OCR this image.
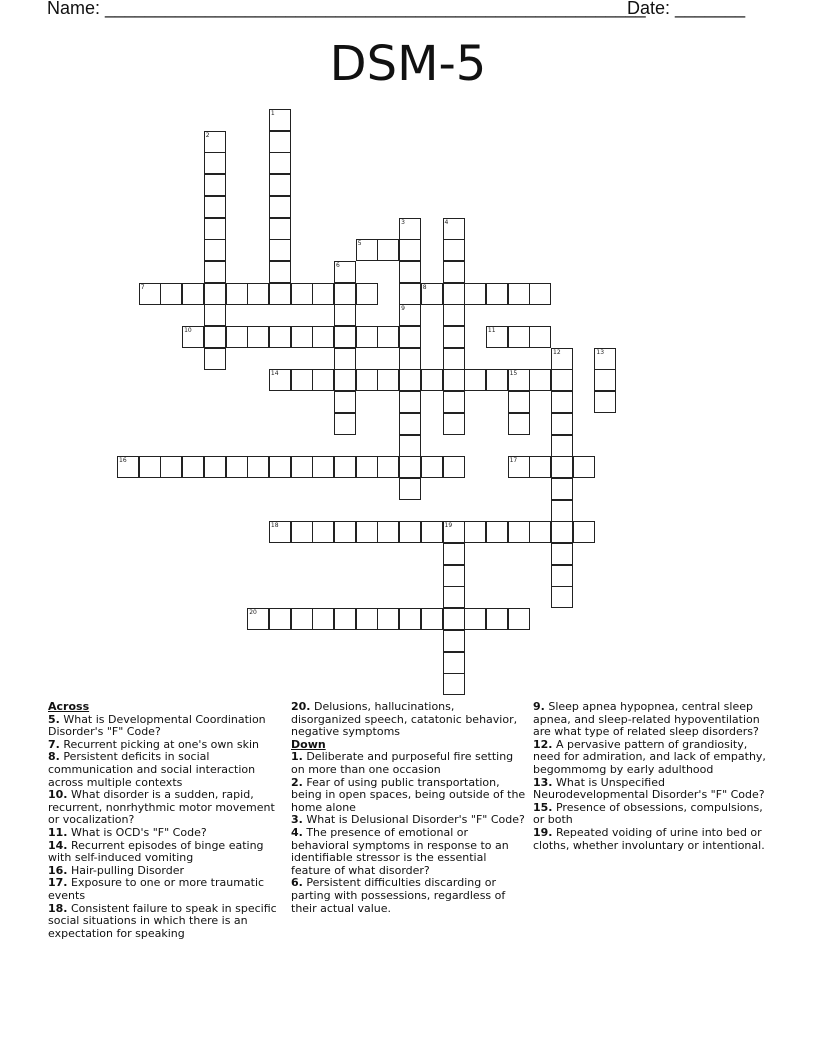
Name: ______________________________________________________
Date: _______
DSM-5
1
2
3	4
5
6
7	8
9
10	11
12	13
14	15
16	17
18	19
20

Across

5. What is Developmental Coordination Disorder's "F" Code?

7. Recurrent picking at one's own skin

8. Persistent deficits in social communication and social interaction across multiple contexts

10. What disorder is a sudden, rapid, recurrent, nonrhythmic motor movement or vocalization?

11. What is OCD's "F" Code?

14. Recurrent episodes of binge eating with self-induced vomiting

16. Hair-pulling Disorder

17. Exposure to one or more traumatic events

18. Consistent failure to speak in specific social situations in which there is an expectation for speaking

20. Delusions, hallucinations, disorganized speech, catatonic behavior, negative symptoms

Down

1. Deliberate and purposeful fire setting on more than one occasion

2. Fear of using public transportation, being in open spaces, being outside of the home alone

3. What is Delusional Disorder's "F" Code?

4. The presence of emotional or behavioral symptoms in response to an identifiable stressor is the essential feature of what disorder?

6. Persistent difficulties discarding or parting with possessions, regardless of their actual value.

9. Sleep apnea hypopnea, central sleep apnea, and sleep-related hypoventilation are what type of related sleep disorders?

12. A pervasive pattern of grandiosity, need for admiration, and lack of empathy, begommomg by early adulthood

13. What is Unspecified Neurodevelopmental Disorder's "F" Code?

15. Presence of obsessions, compulsions, or both

19. Repeated voiding of urine into bed or cloths, whether involuntary or intentional.
